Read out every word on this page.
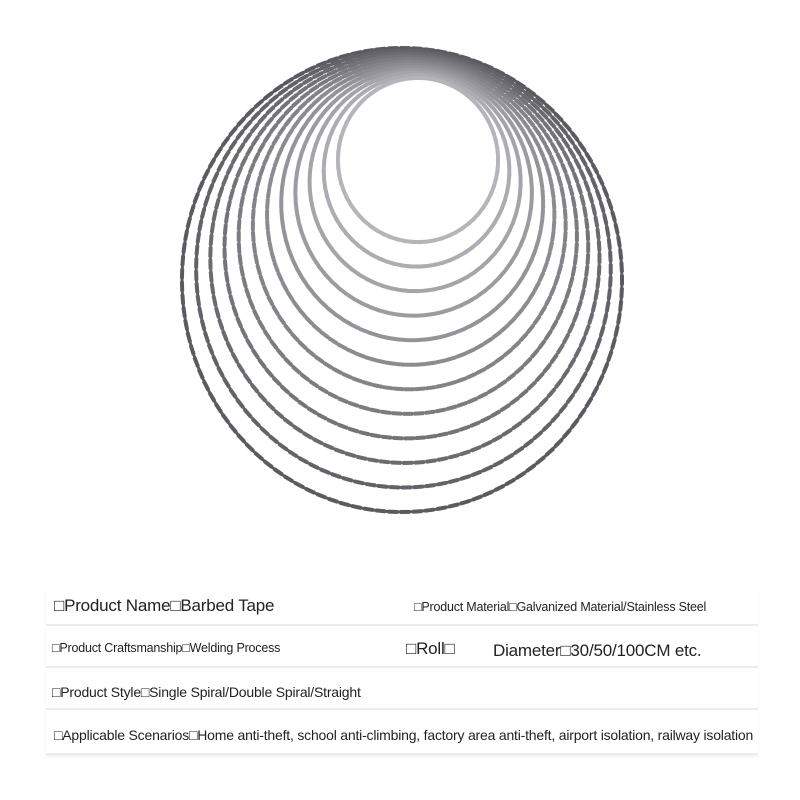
□Product Name□Barbed Tape	□Product Material□Galvanized Material/Stainless Steel
□Product Craftsmanship□Welding Process	□Roll□ Diameter□30/50/100CM etc.
□Product Style□Single Spiral/Double Spiral/Straight
□Applicable Scenarios□Home anti-theft, school anti-climbing, factory area anti-theft, airport isolation, railway isolation
